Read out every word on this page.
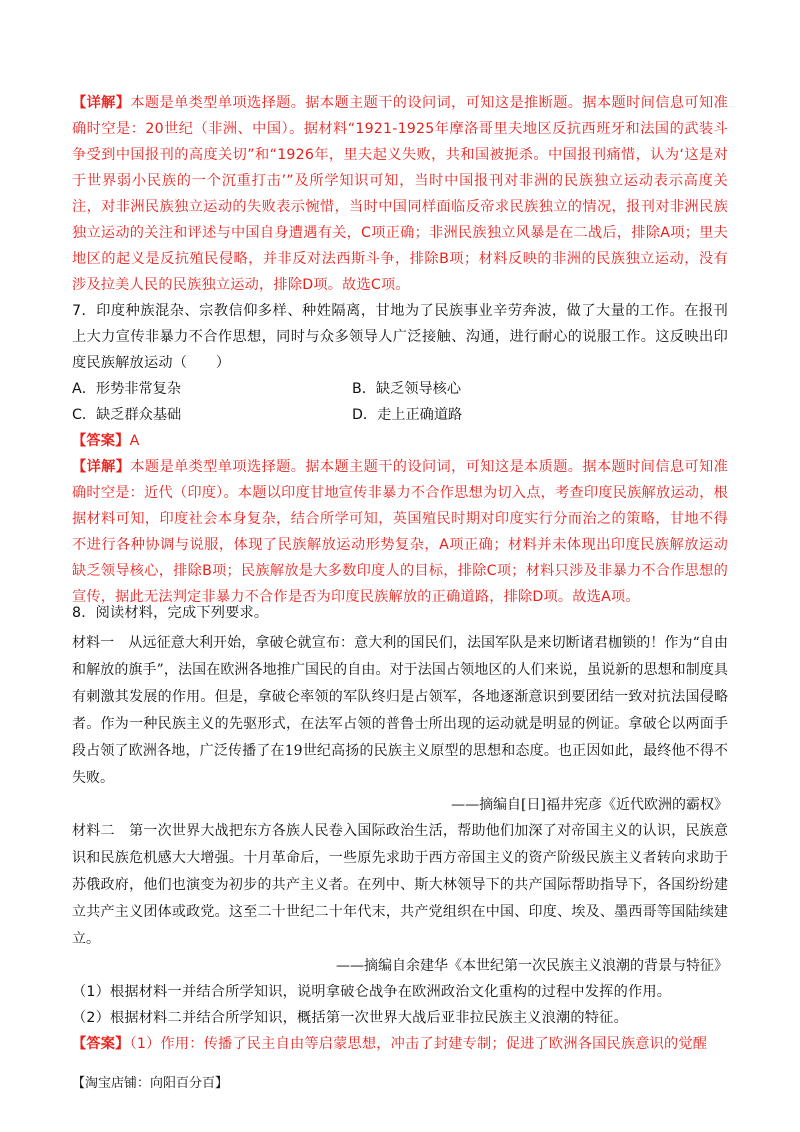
【详解】本题是单类型单项选择题。据本题主题干的设问词，可知这是推断题。据本题时间信息可知准确时空是：20世纪（非洲、中国）。据材料“1921-1925年摩洛哥里夫地区反抗西班牙和法国的武装斗争受到中国报刊的高度关切”和“1926年，里夫起义失败，共和国被扼杀。中国报刊痛惜，认为‘这是对于世界弱小民族的一个沉重打击’”及所学知识可知，当时中国报刊对非洲的民族独立运动表示高度关注，对非洲民族独立运动的失败表示惋惜，当时中国同样面临反帝求民族独立的情况，报刊对非洲民族独立运动的关注和评述与中国自身遭遇有关，C项正确；非洲民族独立风暴是在二战后，排除A项；里夫地区的起义是反抗殖民侵略，并非反对法西斯斗争，排除B项；材料反映的非洲的民族独立运动，没有涉及拉美人民的民族独立运动，排除D项。故选C项。

7．印度种族混杂、宗教信仰多样、种姓隔离，甘地为了民族事业辛劳奔波，做了大量的工作。在报刊上大力宣传非暴力不合作思想，同时与众多领导人广泛接触、沟通，进行耐心的说服工作。这反映出印度民族解放运动（　　）

A．形势非常复杂	B．缺乏领导核心
C．缺乏群众基础	D．走上正确道路

【答案】A

【详解】本题是单类型单项选择题。据本题主题干的设问词，可知这是本质题。据本题时间信息可知准确时空是：近代（印度）。本题以印度甘地宣传非暴力不合作思想为切入点，考查印度民族解放运动，根据材料可知，印度社会本身复杂，结合所学可知，英国殖民时期对印度实行分而治之的策略，甘地不得不进行各种协调与说服，体现了民族解放运动形势复杂，A项正确；材料并未体现出印度民族解放运动缺乏领导核心，排除B项；民族解放是大多数印度人的目标，排除C项；材料只涉及非暴力不合作思想的宣传，据此无法判定非暴力不合作是否为印度民族解放的正确道路，排除D项。故选A项。

8．阅读材料，完成下列要求。

材料一　从远征意大利开始，拿破仑就宣布：意大利的国民们，法国军队是来切断诸君枷锁的！作为“自由和解放的旗手”，法国在欧洲各地推广国民的自由。对于法国占领地区的人们来说，虽说新的思想和制度具有刺激其发展的作用。但是，拿破仑率领的军队终归是占领军，各地逐渐意识到要团结一致对抗法国侵略者。作为一种民族主义的先驱形式，在法军占领的普鲁士所出现的运动就是明显的例证。拿破仑以两面手段占领了欧洲各地，广泛传播了在19世纪高扬的民族主义原型的思想和态度。也正因如此，最终他不得不失败。

——摘编自[日]福井宪彦《近代欧洲的霸权》

材料二　第一次世界大战把东方各族人民卷入国际政治生活，帮助他们加深了对帝国主义的认识，民族意识和民族危机感大大增强。十月革命后，一些原先求助于西方帝国主义的资产阶级民族主义者转向求助于苏俄政府，他们也演变为初步的共产主义者。在列中、斯大林领导下的共产国际帮助指导下，各国纷纷建立共产主义团体或政党。这至二十世纪二十年代末，共产党组织在中国、印度、埃及、墨西哥等国陆续建立。

——摘编自余建华《本世纪第一次民族主义浪潮的背景与特征》

（1）根据材料一并结合所学知识，说明拿破仑战争在欧洲政治文化重构的过程中发挥的作用。

（2）根据材料二并结合所学知识，概括第一次世界大战后亚非拉民族主义浪潮的特征。

【答案】（1）作用：传播了民主自由等启蒙思想，冲击了封建专制；促进了欧洲各国民族意识的觉醒

【淘宝店铺：向阳百分百】
